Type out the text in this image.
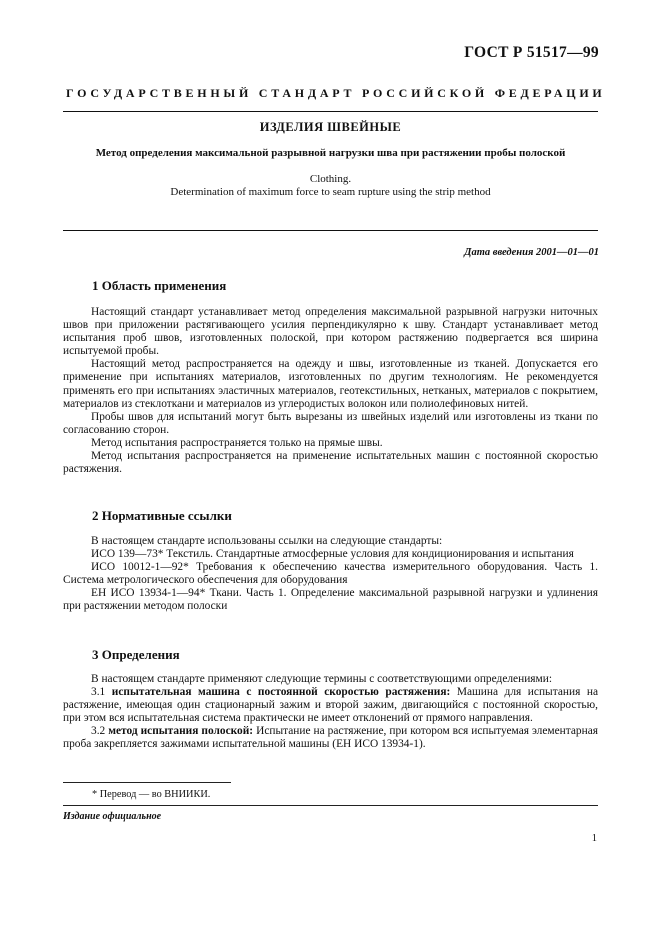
ГОСТ Р 51517—99
ГОСУДАРСТВЕННЫЙ СТАНДАРТ РОССИЙСКОЙ ФЕДЕРАЦИИ
ИЗДЕЛИЯ ШВЕЙНЫЕ
Метод определения максимальной разрывной нагрузки шва при растяжении пробы полоской
Clothing.
Determination of maximum force to seam rupture using the strip method
Дата введения 2001—01—01
1 Область применения

Настоящий стандарт устанавливает метод определения максимальной разрывной нагрузки ниточных швов при приложении растягивающего усилия перпендикулярно к шву. Стандарт устанавливает метод испытания проб швов, изготовленных полоской, при котором растяжению подвергается вся ширина испытуемой пробы.

Настоящий метод распространяется на одежду и швы, изготовленные из тканей. Допускается его применение при испытаниях материалов, изготовленных по другим технологиям. Не рекомендуется применять его при испытаниях эластичных материалов, геотекстильных, нетканых, материалов с покрытием, материалов из стеклоткани и материалов из углеродистых волокон или полиолефиновых нитей.

Пробы швов для испытаний могут быть вырезаны из швейных изделий или изготовлены из ткани по согласованию сторон.

Метод испытания распространяется только на прямые швы.

Метод испытания распространяется на применение испытательных машин с постоянной скоростью растяжения.

2 Нормативные ссылки

В настоящем стандарте использованы ссылки на следующие стандарты:

ИСО 139—73* Текстиль. Стандартные атмосферные условия для кондиционирования и испытания

ИСО 10012-1—92* Требования к обеспечению качества измерительного оборудования. Часть 1. Система метрологического обеспечения для оборудования

ЕН ИСО 13934-1—94* Ткани. Часть 1. Определение максимальной разрывной нагрузки и удлинения при растяжении методом полоски

3 Определения

В настоящем стандарте применяют следующие термины с соответствующими определениями:

3.1 испытательная машина с постоянной скоростью растяжения: Машина для испытания на растяжение, имеющая один стационарный зажим и второй зажим, двигающийся с постоянной скоростью, при этом вся испытательная система практически не имеет отклонений от прямого направления.

3.2 метод испытания полоской: Испытание на растяжение, при котором вся испытуемая элементарная проба закрепляется зажимами испытательной машины (ЕН ИСО 13934-1).

* Перевод — во ВНИИКИ.
Издание официальное
1
